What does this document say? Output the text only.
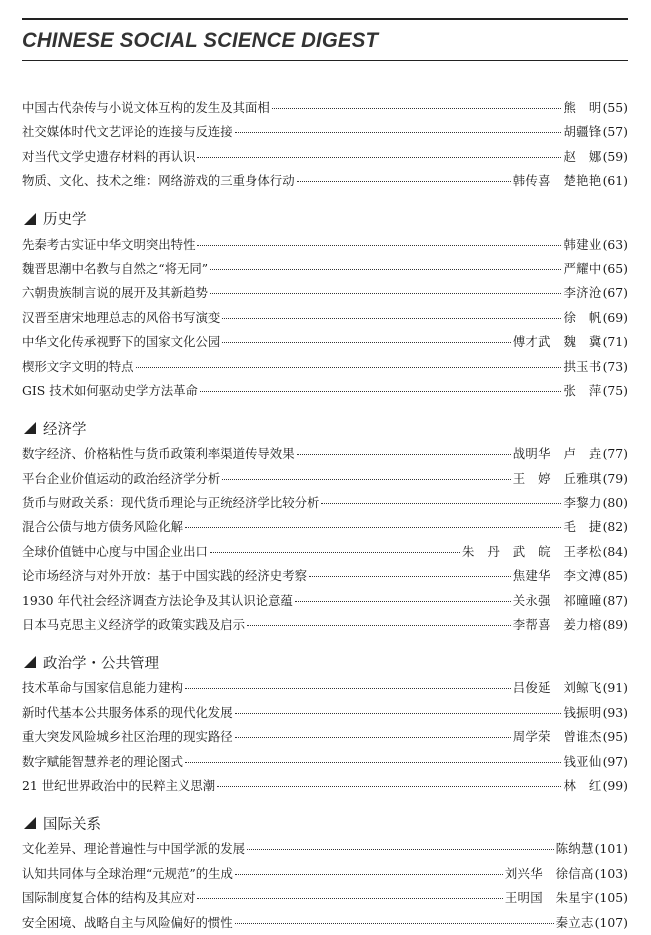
CHINESE SOCIAL SCIENCE DIGEST
中国古代杂传与小说文体互构的发生及其面相	熊　明 (55)
社交媒体时代文艺评论的连接与反连接	胡疆锋 (57)
对当代文学史遗存材料的再认识	赵　娜 (59)
物质、文化、技术之维：网络游戏的三重身体行动	韩传喜　楚艳艳 (61)
历史学
先秦考古实证中华文明突出特性	韩建业 (63)
魏晋思潮中名教与自然之“将无同”	严耀中 (65)
六朝贵族制言说的展开及其新趋势	李济沧 (67)
汉晋至唐宋地理总志的风俗书写演变	徐　帆 (69)
中华文化传承视野下的国家文化公园	傅才武　魏　冀 (71)
楔形文字文明的特点	拱玉书 (73)
GIS 技术如何驱动史学方法革命	张　萍 (75)
经济学
数字经济、价格粘性与货币政策利率渠道传导效果	战明华　卢　垚 (77)
平台企业价值运动的政治经济学分析	王　婷　丘雅琪 (79)
货币与财政关系：现代货币理论与正统经济学比较分析	李黎力 (80)
混合公债与地方债务风险化解	毛　捷 (82)
全球价值链中心度与中国企业出口	朱　丹　武　皖　王孝松 (84)
论市场经济与对外开放：基于中国实践的经济史考察	焦建华　李文溥 (85)
1930 年代社会经济调查方法论争及其认识论意蕴	关永强　祁曈曈 (87)
日本马克思主义经济学的政策实践及启示	李帮喜　姜力榕 (89)
政治学・公共管理
技术革命与国家信息能力建构	吕俊延　刘鲸飞 (91)
新时代基本公共服务体系的现代化发展	钱振明 (93)
重大突发风险城乡社区治理的现实路径	周学荣　曾谁杰 (95)
数字赋能智慧养老的理论图式	钱亚仙 (97)
21 世纪世界政治中的民粹主义思潮	林　红 (99)
国际关系
文化差异、理论普遍性与中国学派的发展	陈纳慧 (101)
认知共同体与全球治理“元规范”的生成	刘兴华　徐信高 (103)
国际制度复合体的结构及其应对	王明国　朱星宇 (105)
安全困境、战略自主与风险偏好的惯性	秦立志 (107)
